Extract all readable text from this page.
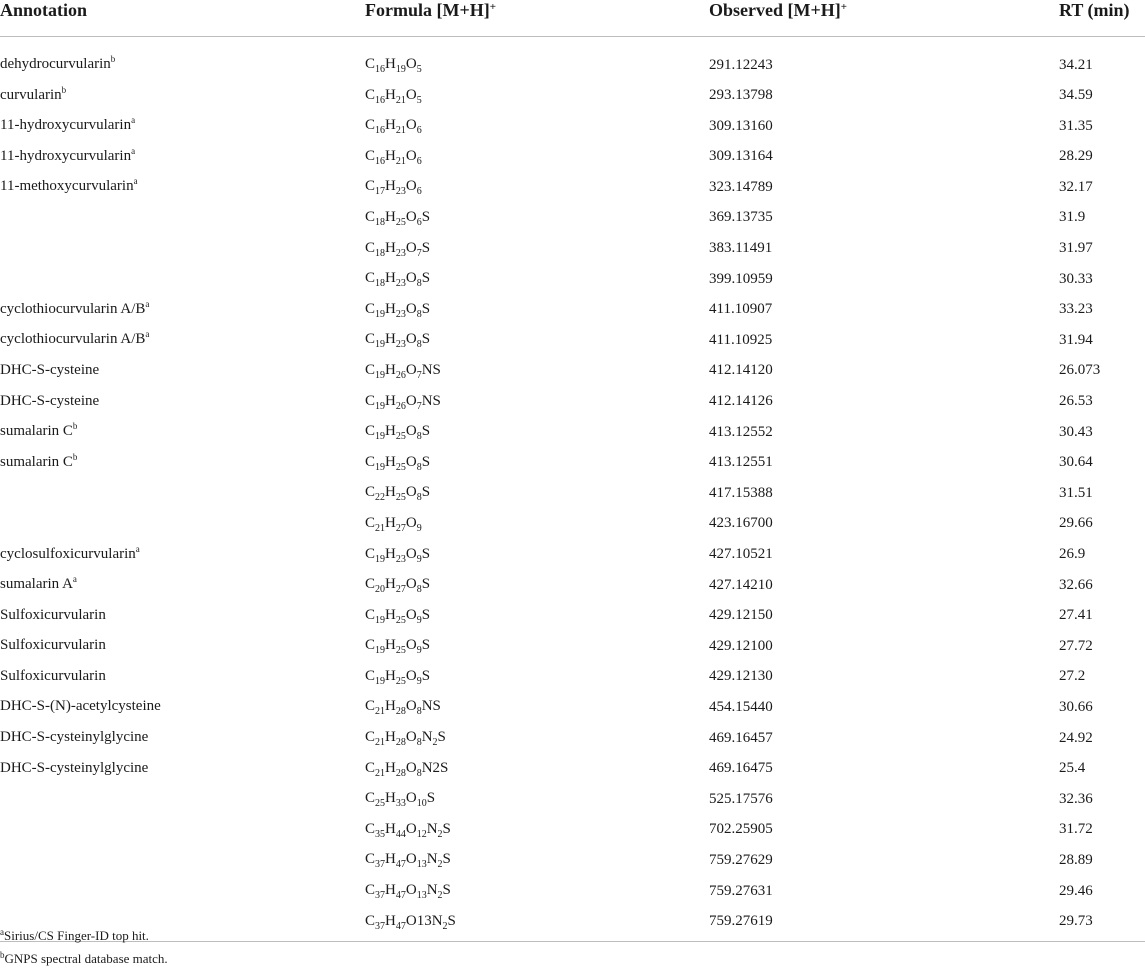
Annotation	Formula [M+H]+	Observed [M+H]+	RT (min)

dehydrocurvularin$^b$	$C_{16}H_{19}O_5$	291.12243	34.21
curvularin$^b$	$C_{16}H_{21}O_5$	293.13798	34.59
11-hydroxycurvularin$^a$	$C_{16}H_{21}O_6$	309.13160	31.35
11-hydroxycurvularin$^a$	$C_{16}H_{21}O_6$	309.13164	28.29
11-methoxycurvularin$^a$	$C_{17}H_{23}O_6$	323.14789	32.17
	$C_{18}H_{25}O_6S$	369.13735	31.9
	$C_{18}H_{23}O_7S$	383.11491	31.97
	$C_{18}H_{23}O_8S$	399.10959	30.33
cyclothiocurvularin $A/B^a$	$C_{19}H_{23}O_8S$	411.10907	33.23
cyclothiocurvularin $A/B^a$	$C_{19}H_{23}O_8S$	411.10925	31.94
DHC-S-cysteine	$C_{19}H_{26}O_7NS$	412.14120	26.073
DHC-S-cysteine	$C_{19}H_{26}O_7NS$	412.14126	26.53
sumalarin $C^b$	$C_{19}H_{25}O_8S$	413.12552	30.43
sumalarin $C^b$	$C_{19}H_{25}O_8S$	413.12551	30.64
	$C_{22}H_{25}O_8S$	417.15388	31.51
	$C_{21}H_{27}O_9$	423.16700	29.66
cyclosulfoxicurvularin$^a$	$C_{19}H_{23}O_9S$	427.10521	26.9
sumalarin $A^a$	$C_{20}H_{27}O_8S$	427.14210	32.66
Sulfoxicurvularin	$C_{19}H_{25}O_9S$	429.12150	27.41
Sulfoxicurvularin	$C_{19}H_{25}O_9S$	429.12100	27.72
Sulfoxicurvularin	$C_{19}H_{25}O_9S$	429.12130	27.2
DHC-S-(N)-acetylcysteine	$C_{21}H_{28}O_8NS$	454.15440	30.66
DHC-S-cysteinylglycine	$C_{21}H_{28}O_8N_2S$	469.16457	24.92
DHC-S-cysteinylglycine	$C_{21}H_{28}O_8N2S$	469.16475	25.4
	$C_{25}H_{33}O_{10}S$	525.17576	32.36
	$C_{35}H_{44}O_{12}N_2S$	702.25905	31.72
	$C_{37}H_{47}O_{13}N_2S$	759.27629	28.89
	$C_{37}H_{47}O_{13}N_2S$	759.27631	29.46
	$C_{37}H_{47}O13N_2S$	759.27619	29.73

$^a$Sirius/CS Finger-ID top hit.
$^b$GNPS spectral database match.
